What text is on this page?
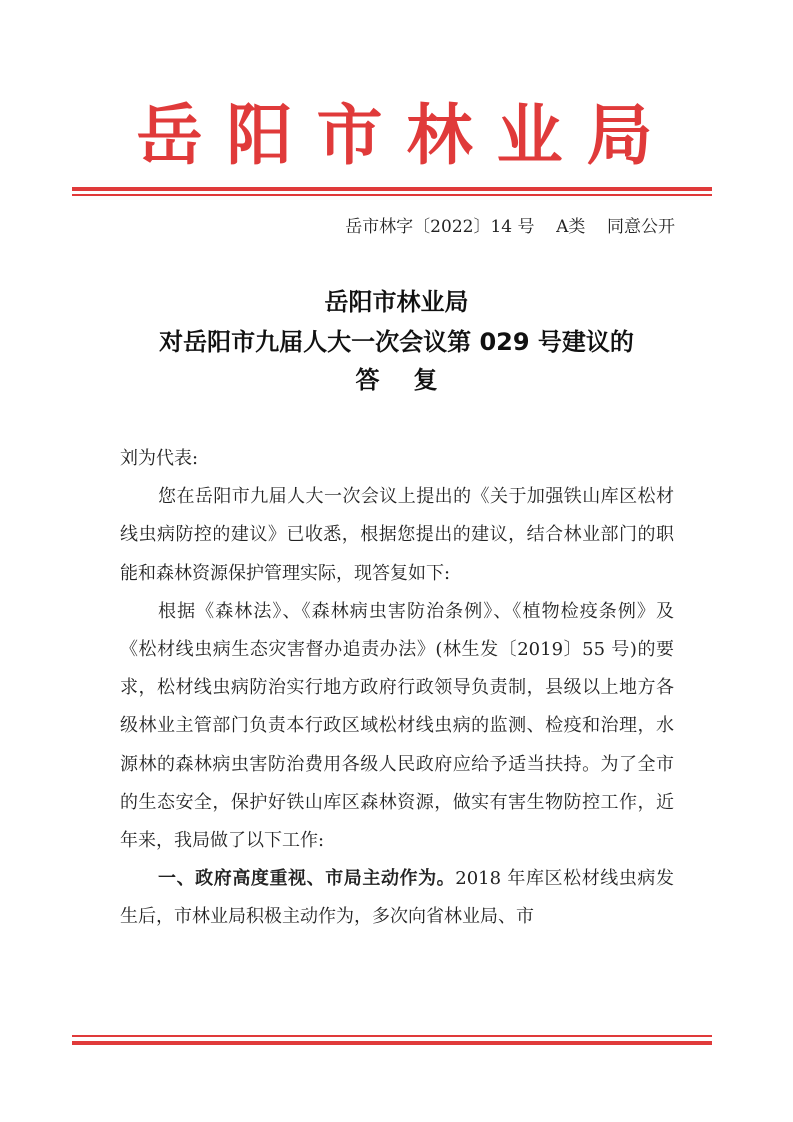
岳阳市林业局
岳市林字〔2022〕14 号    A类    同意公开
岳阳市林业局
对岳阳市九届人大一次会议第 029 号建议的
答复

刘为代表:

您在岳阳市九届人大一次会议上提出的《关于加强铁山库区松材线虫病防控的建议》已收悉，根据您提出的建议，结合林业部门的职能和森林资源保护管理实际，现答复如下:

根据《森林法》、《森林病虫害防治条例》、《植物检疫条例》及《松材线虫病生态灾害督办追责办法》(林生发〔2019〕55 号)的要求，松材线虫病防治实行地方政府行政领导负责制，县级以上地方各级林业主管部门负责本行政区域松材线虫病的监测、检疫和治理，水源林的森林病虫害防治费用各级人民政府应给予适当扶持。为了全市的生态安全，保护好铁山库区森林资源，做实有害生物防控工作，近年来，我局做了以下工作:

一、政府高度重视、市局主动作为。2018 年库区松材线虫病发生后，市林业局积极主动作为，多次向省林业局、市
